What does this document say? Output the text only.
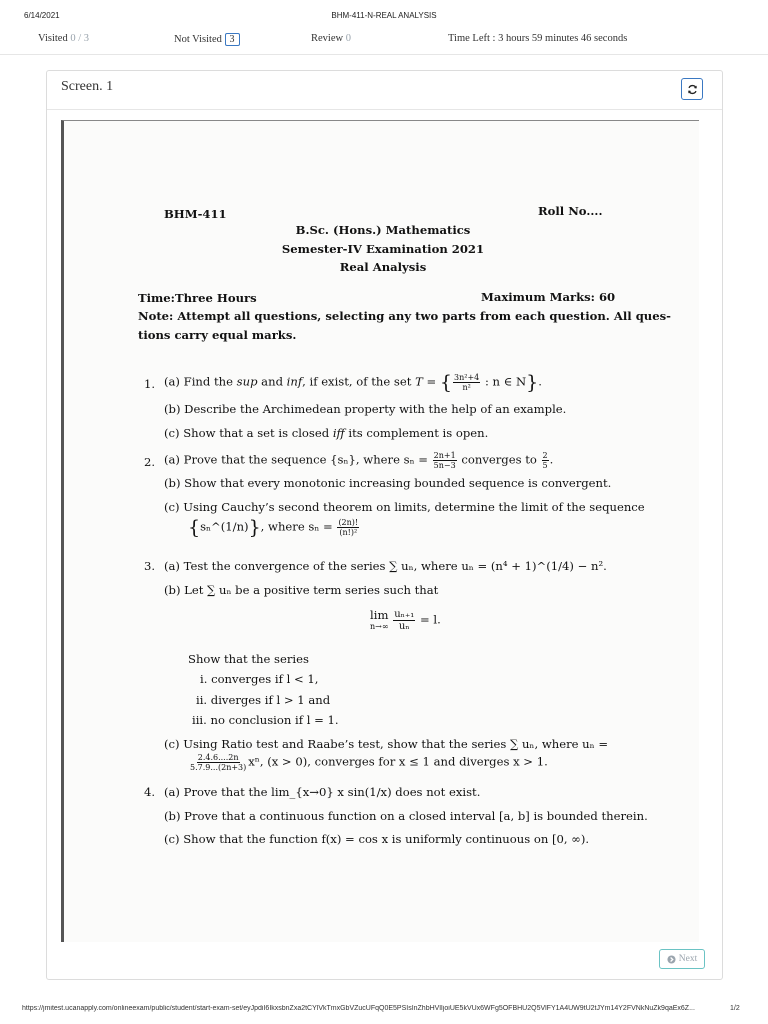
6/14/2021	BHM-411-N-REAL ANALYSIS
Visited 0 / 3	Not Visited 3	Review 0	Time Left : 3 hours 59 minutes 46 seconds
Screen. 1
BHM-411	Roll No....
B.Sc. (Hons.) Mathematics
Semester-IV Examination 2021
Real Analysis
Time:Three Hours	Maximum Marks: 60
Note: Attempt all questions, selecting any two parts from each question. All ques-
tions carry equal marks.
1. (a) Find the sup and inf, if exist, of the set T = { $\frac{\text{3n²+4}}{\text{n²}}$ : n ∈ N}.
(b) Describe the Archimedean property with the help of an example.
(c) Show that a set is closed iff its complement is open.
2. (a) Prove that the sequence {sₙ}, where $s_n = \frac{2n+1}{5n-3}$ converges to $\frac{2}{5}$ .
(b) Show that every monotonic increasing bounded sequence is convergent.
(c) Using Cauchy’s second theorem on limits, determine the limit of the sequence
{sₙ^(1/n)}, where $s_n = \frac{(2n)!}{\text{(n!)²}}$
3. (a) Test the convergence of the series ∑ uₙ, where uₙ = (n⁴ + 1)^(1/4) − n².
(b) Let ∑ uₙ be a positive term series such that
lim
n→∞
$\frac{\text{uₙ₊₁}}{\text{uₙ}} = l$.
Show that the series
i. converges if l < 1,
ii. diverges if l > 1 and
iii. no conclusion if l = 1.
(c) Using Ratio test and Raabe’s test, show that the series ∑ uₙ, where uₙ =
$\frac{2.4.6....2n}{5.7.9...(2n+3)} x^n$, (x > 0), converges for x ≤ 1 and diverges x > 1.
4. (a) Prove that the lim_{x→0} x sin(1/x) does not exist.
(b) Prove that a continuous function on a closed interval [a, b] is bounded therein.
(c) Show that the function f(x) = cos x is uniformly continuous on [0, ∞).
Next
https://jmitest.ucanapply.com/onlineexam/public/student/start-exam-set/eyJpdiI6IkxsbnZxa2tCYlVkTmxGbVZucUFqQ0E5PSIsInZhbHVlIjoiUE5kVUx6WFg5OFBHU2Q5VlFY1A4UW9tU2tJYm14Y2FVNkNuZk9qaEx6Z...	1/2
